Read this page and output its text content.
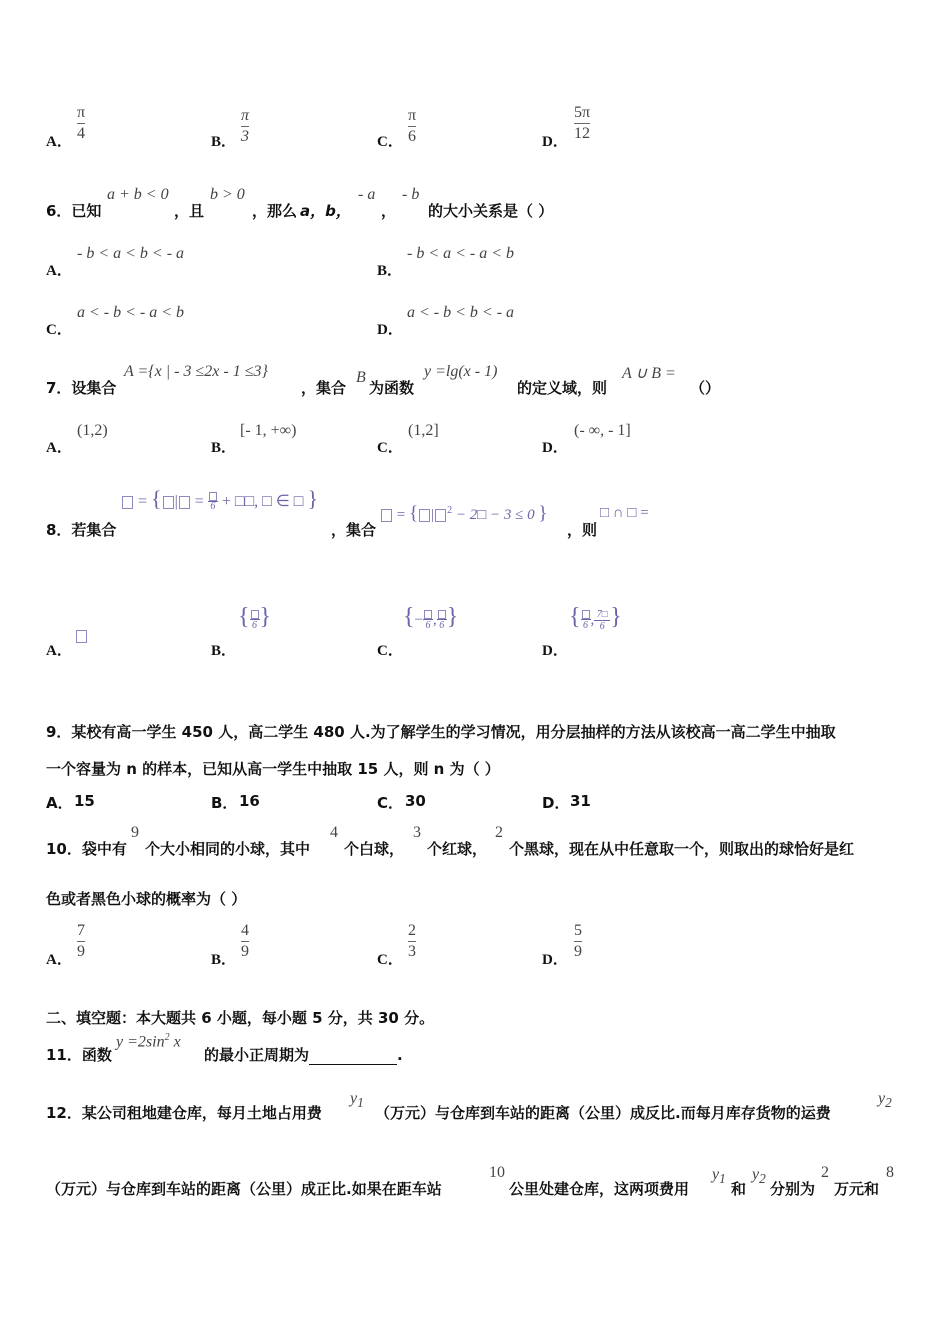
A．
π
4	B．
π
3	C．
π
6	D．
5π
12
6．已知
a + b < 0
，且
b > 0
，那么 a，b，
- a
，
- b
的大小关系是（ ）
A．
- b < a < b < - a
B．
- b < a < - a < b
C．
a < - b < - a < b
D．
a < - b < b < - a
7．设集合
A ={x | - 3 ≤2x - 1 ≤3}
，集合
B
为函数
y =lg(x - 1)
的定义域，则
A ∪ B =
（）
A．
(1,2)
B．
[- 1, +∞)
C．
(1,2]
D．
(- ∞, - 1]
8．若集合
= { | = 6 + □□, □ ∈ □ }
，集合
= { | $^2$ − 2□ − 3 ≤ 0 }
，则
□ ∩ □ =
A．	B．
{ 6 }
C．
{− 6 , 6 }
D．
{ 6 , $\frac{7□}{6}$ }
9．某校有高一学生 450 人，高二学生 480 人.为了解学生的学习情况，用分层抽样的方法从该校高一高二学生中抽取
一个容量为 n 的样本，已知从高一学生中抽取 15 人，则 n 为（ ）
A． 15	B． 16	C． 30	D． 31
10．袋中有
9
个大小相同的小球，其中
4
个白球，
3
个红球，
2
个黑球，现在从中任意取一个，则取出的球恰好是红
色或者黑色小球的概率为（ ）
A．
7
9	B．
4
9	C．
2
3	D．
5
9
二、填空题：本大题共 6 小题，每小题 5 分，共 30 分。
11．函数
$y =2\sin^2$ x
的最小正周期为	.
12．某公司租地建仓库，每月土地占用费
$y_1$
（万元）与仓库到车站的距离（公里）成反比.而每月库存货物的运费
$y_2$
（万元）与仓库到车站的距离（公里）成正比.如果在距车站
10
公里处建仓库，这两项费用
$y_1$
和
$y_2$
分别为
2
万元和
8
